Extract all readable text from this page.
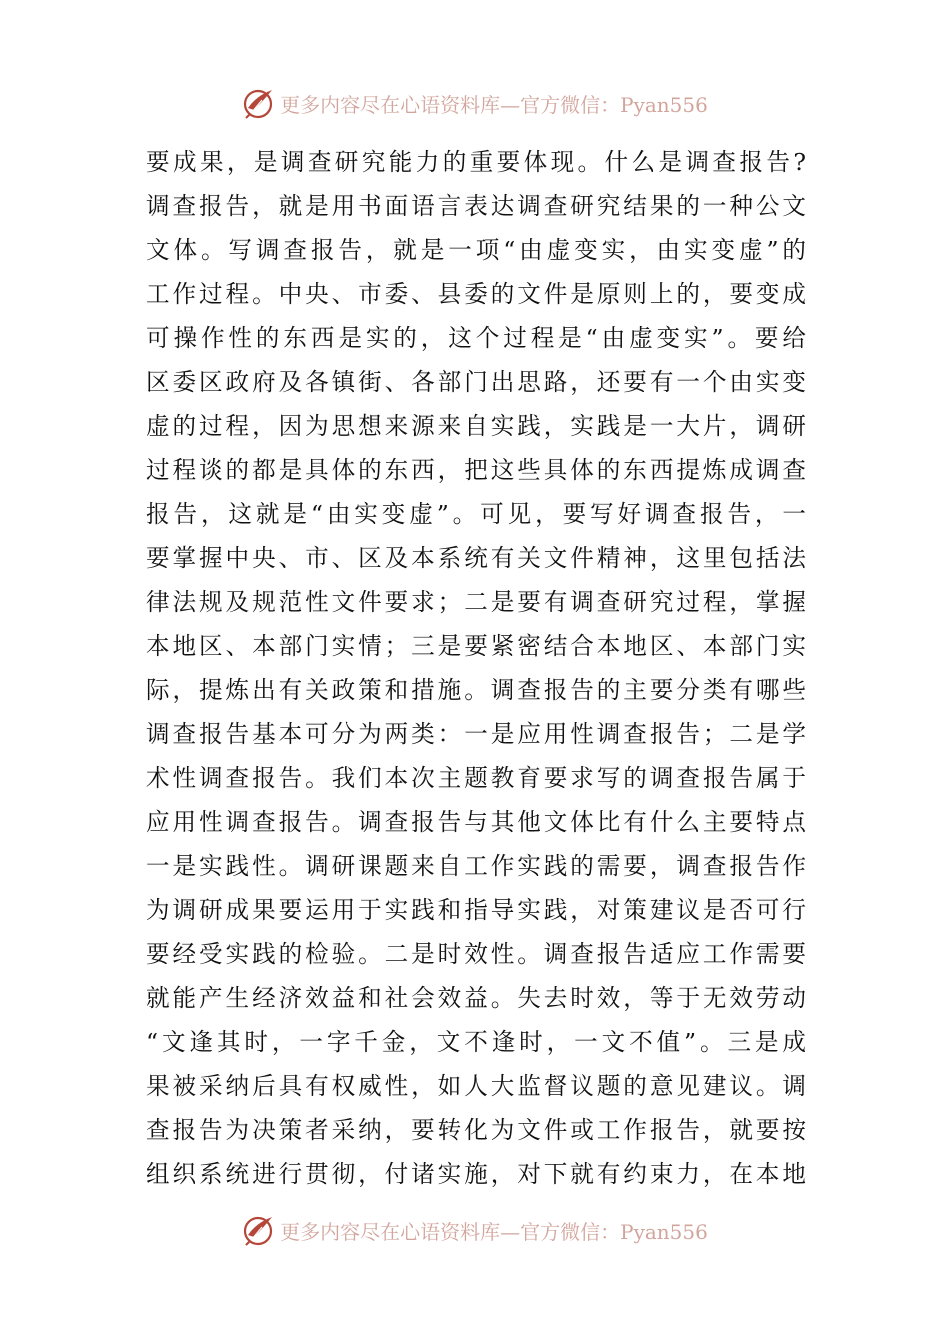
更多内容尽在心语资料库—官方微信：Pyan556
要成果，是调查研究能力的重要体现。什么是调查报告?
调查报告，就是用书面语言表达调查研究结果的一种公文
文体。写调查报告，就是一项“由虚变实，由实变虚”的
工作过程。中央、市委、县委的文件是原则上的，要变成
可操作性的东西是实的，这个过程是“由虚变实”。要给
区委区政府及各镇街、各部门出思路，还要有一个由实变
虚的过程，因为思想来源来自实践，实践是一大片，调研
过程谈的都是具体的东西，把这些具体的东西提炼成调查
报告，这就是“由实变虚”。可见，要写好调查报告，一
要掌握中央、市、区及本系统有关文件精神，这里包括法
律法规及规范性文件要求；二是要有调查研究过程，掌握
本地区、本部门实情；三是要紧密结合本地区、本部门实
际，提炼出有关政策和措施。调查报告的主要分类有哪些
调查报告基本可分为两类：一是应用性调查报告；二是学
术性调查报告。我们本次主题教育要求写的调查报告属于
应用性调查报告。调查报告与其他文体比有什么主要特点
一是实践性。调研课题来自工作实践的需要，调查报告作
为调研成果要运用于实践和指导实践，对策建议是否可行
要经受实践的检验。二是时效性。调查报告适应工作需要
就能产生经济效益和社会效益。失去时效，等于无效劳动
“文逢其时，一字千金，文不逢时，一文不值”。三是成
果被采纳后具有权威性，如人大监督议题的意见建议。调
查报告为决策者采纳，要转化为文件或工作报告，就要按
组织系统进行贯彻，付诸实施，对下就有约束力，在本地
更多内容尽在心语资料库—官方微信：Pyan556
